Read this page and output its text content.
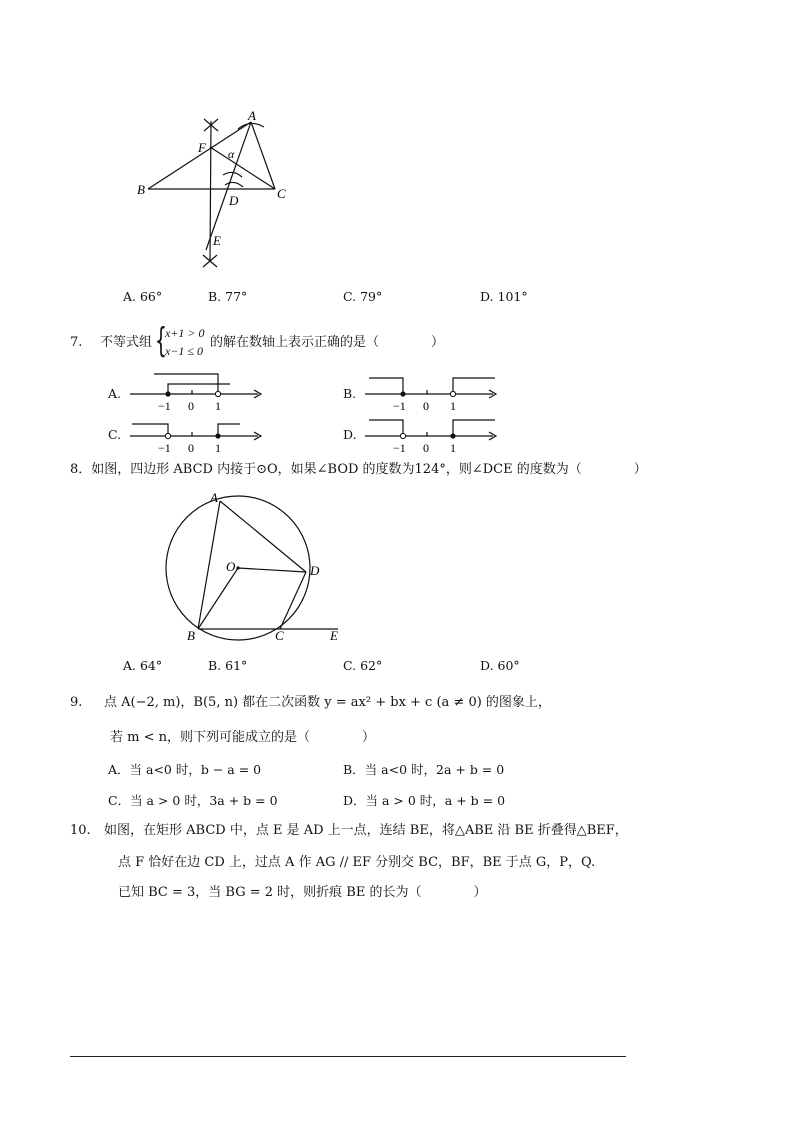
A
F α
B	C
D
E
A. 66°	B. 77°	C. 79°	D. 101°
7. 不等式组 {
x+1 > 0
x−1 ≤ 0
的解在数轴上表示正确的是（　　　　）
A.
−1 0 1
B.
−1 0 1
C.
−1 0 1
D.
−1 0 1
8．如图，四边形 ABCD 内接于⊙O，如果∠BOD 的度数为124°，则∠DCE 的度数为（　　　　）
A
O	D
B	C	E
A. 64°	B. 61°	C. 62°	D. 60°
9. 点 A(−2, m)，B(5, n) 都在二次函数 y = ax² + bx + c (a ≠ 0) 的图象上，
若 m < n，则下列可能成立的是（　　　　）
A．当 a<0 时，b − a = 0	B．当 a<0 时，2a + b = 0
C．当 a > 0 时，3a + b = 0	D．当 a > 0 时，a + b = 0
10. 如图，在矩形 ABCD 中，点 E 是 AD 上一点，连结 BE，将△ABE 沿 BE 折叠得△BEF，
点 F 恰好在边 CD 上，过点 A 作 AG // EF 分别交 BC，BF，BE 于点 G，P，Q.
已知 BC = 3，当 BG = 2 时，则折痕 BE 的长为（　　　　）
